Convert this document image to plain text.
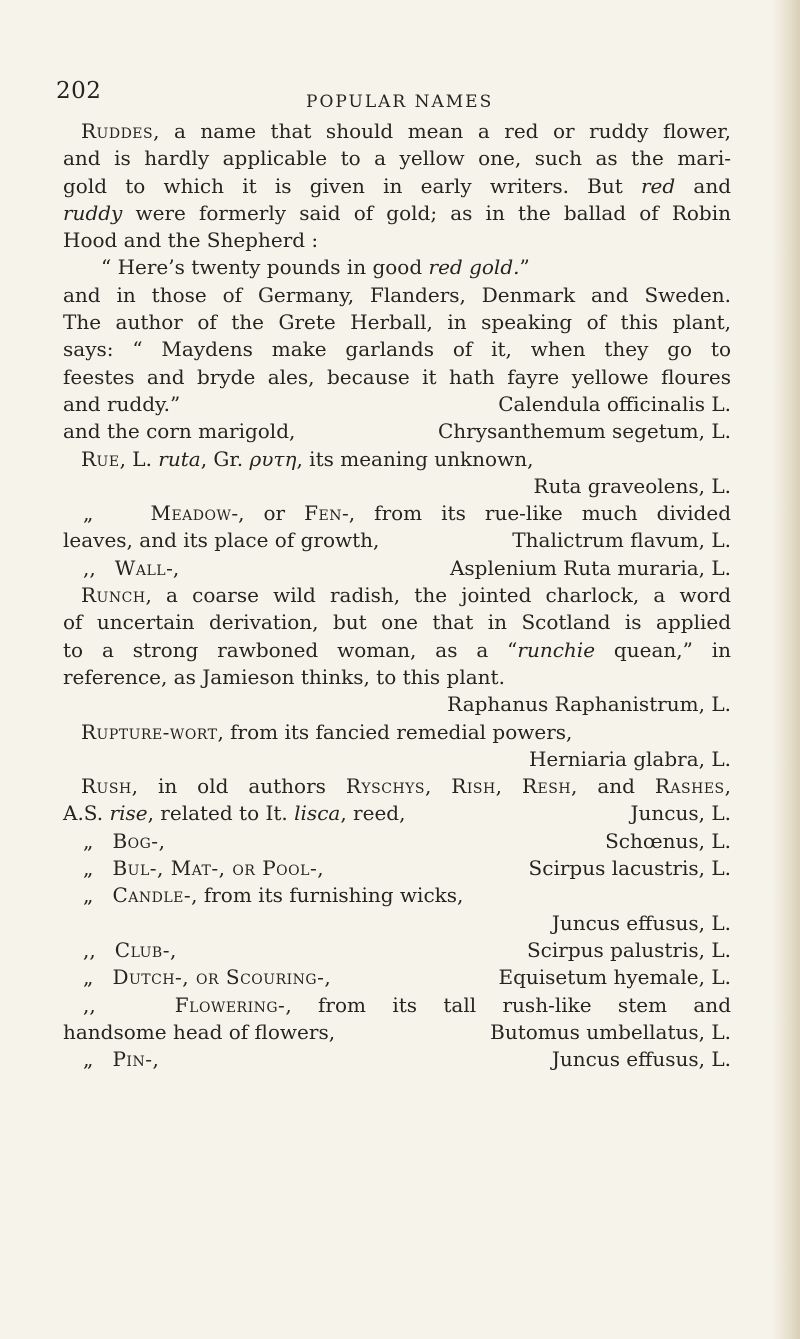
202	POPULAR NAMES
Ruddes, a name that should mean a red or ruddy flower,
and is hardly applicable to a yellow one, such as the mari-
gold to which it is given in early writers. But red and
ruddy were formerly said of gold; as in the ballad of Robin
Hood and the Shepherd :
“ Here’s twenty pounds in good red gold.”
and in those of Germany, Flanders, Denmark and Sweden.
The author of the Grete Herball, in speaking of this plant,
says: “ Maydens make garlands of it, when they go to
feestes and bryde ales, because it hath fayre yellowe floures
and ruddy.”	Calendula officinalis L.
and the corn marigold,	Chrysanthemum segetum, L.
Rue, L. ruta, Gr. ρυτη, its meaning unknown,
Ruta graveolens, L.
„	Meadow-, or Fen-, from its rue-like much divided
leaves, and its place of growth,	Thalictrum flavum, L.
,, Wall-,	Asplenium Ruta muraria, L.
Runch, a coarse wild radish, the jointed charlock, a word
of uncertain derivation, but one that in Scotland is applied
to a strong rawboned woman, as a “runchie quean,” in
reference, as Jamieson thinks, to this plant.
Raphanus Raphanistrum, L.
Rupture-wort, from its fancied remedial powers,
Herniaria glabra, L.
Rush, in old authors Ryschys, Rish, Resh, and Rashes,
A.S. rise, related to It. lisca, reed,	Juncus, L.
„ Bog-,	Schœnus, L.
„ Bul-, Mat-, or Pool-,	Scirpus lacustris, L.
„ Candle-, from its furnishing wicks,
Juncus effusus, L.
,, Club-,	Scirpus palustris, L.
„ Dutch-, or Scouring-,	Equisetum hyemale, L.
,,	Flowering-, from its tall rush-like stem and
handsome head of flowers,	Butomus umbellatus, L.
„ Pin-,	Juncus effusus, L.
